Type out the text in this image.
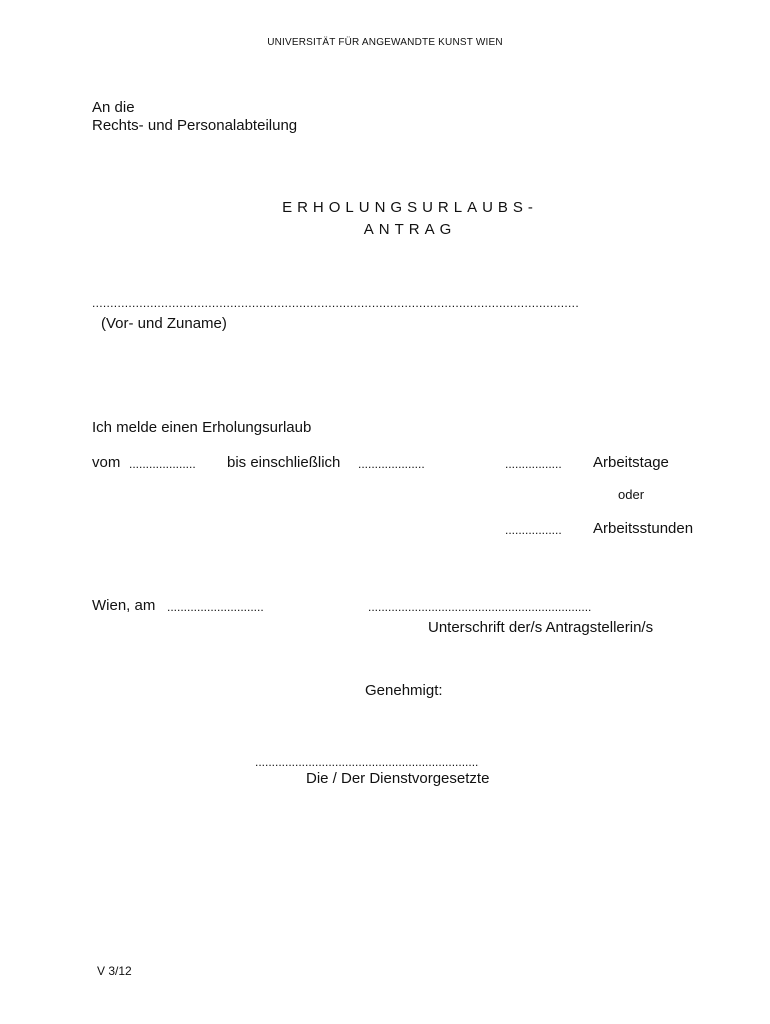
UNIVERSITÄT FÜR ANGEWANDTE KUNST WIEN
An die
Rechts- und Personalabteilung
ERHOLUNGSURLAUBS-
ANTRAG
......................................................................................................................................
(Vor- und Zuname)
Ich melde einen Erholungsurlaub
vom .................... bis einschließlich ....................	................. Arbeitstage
oder
................. Arbeitsstunden
Wien, am .............................	...................................................................
Unterschrift der/s Antragstellerin/s
Genehmigt:
...................................................................
Die / Der Dienstvorgesetzte
V 3/12
